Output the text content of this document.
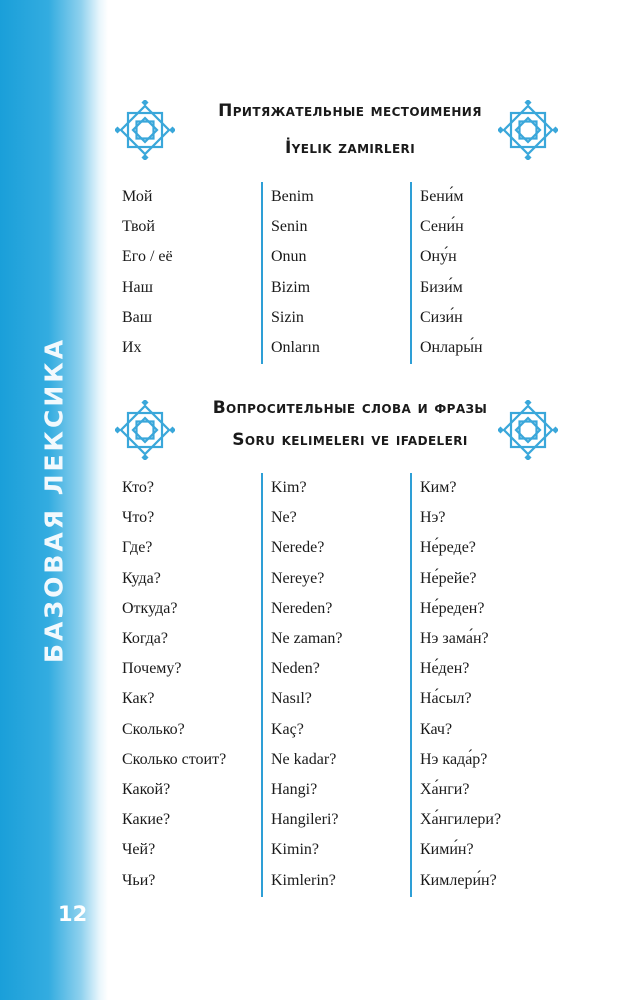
БАЗОВАЯ ЛЕКСИКА
12
Притяжательные местоимения
İyelik zamirleri
Мой
Твой
Его / её
Наш
Ваш
Их
Benim
Senin
Onun
Bizim
Sizin
Onların
Бени́м
Сени́н
Ону́н
Бизи́м
Сизи́н
Онлары́н
Вопросительные слова и фразы
Soru kelimeleri ve ifadeleri
Кто?
Что?
Где?
Куда?
Откуда?
Когда?
Почему?
Как?
Сколько?
Сколько стоит?
Какой?
Какие?
Чей?
Чьи?
Kim?
Ne?
Nerede?
Nereye?
Nereden?
Ne zaman?
Neden?
Nasıl?
Kaç?
Ne kadar?
Hangi?
Hangileri?
Kimin?
Kimlerin?
Ким?
Нэ?
Не́реде?
Не́рейе?
Не́реден?
Нэ зама́н?
Не́ден?
На́сыл?
Кач?
Нэ када́р?
Ха́нги?
Ха́нгилери?
Кими́н?
Кимлери́н?
